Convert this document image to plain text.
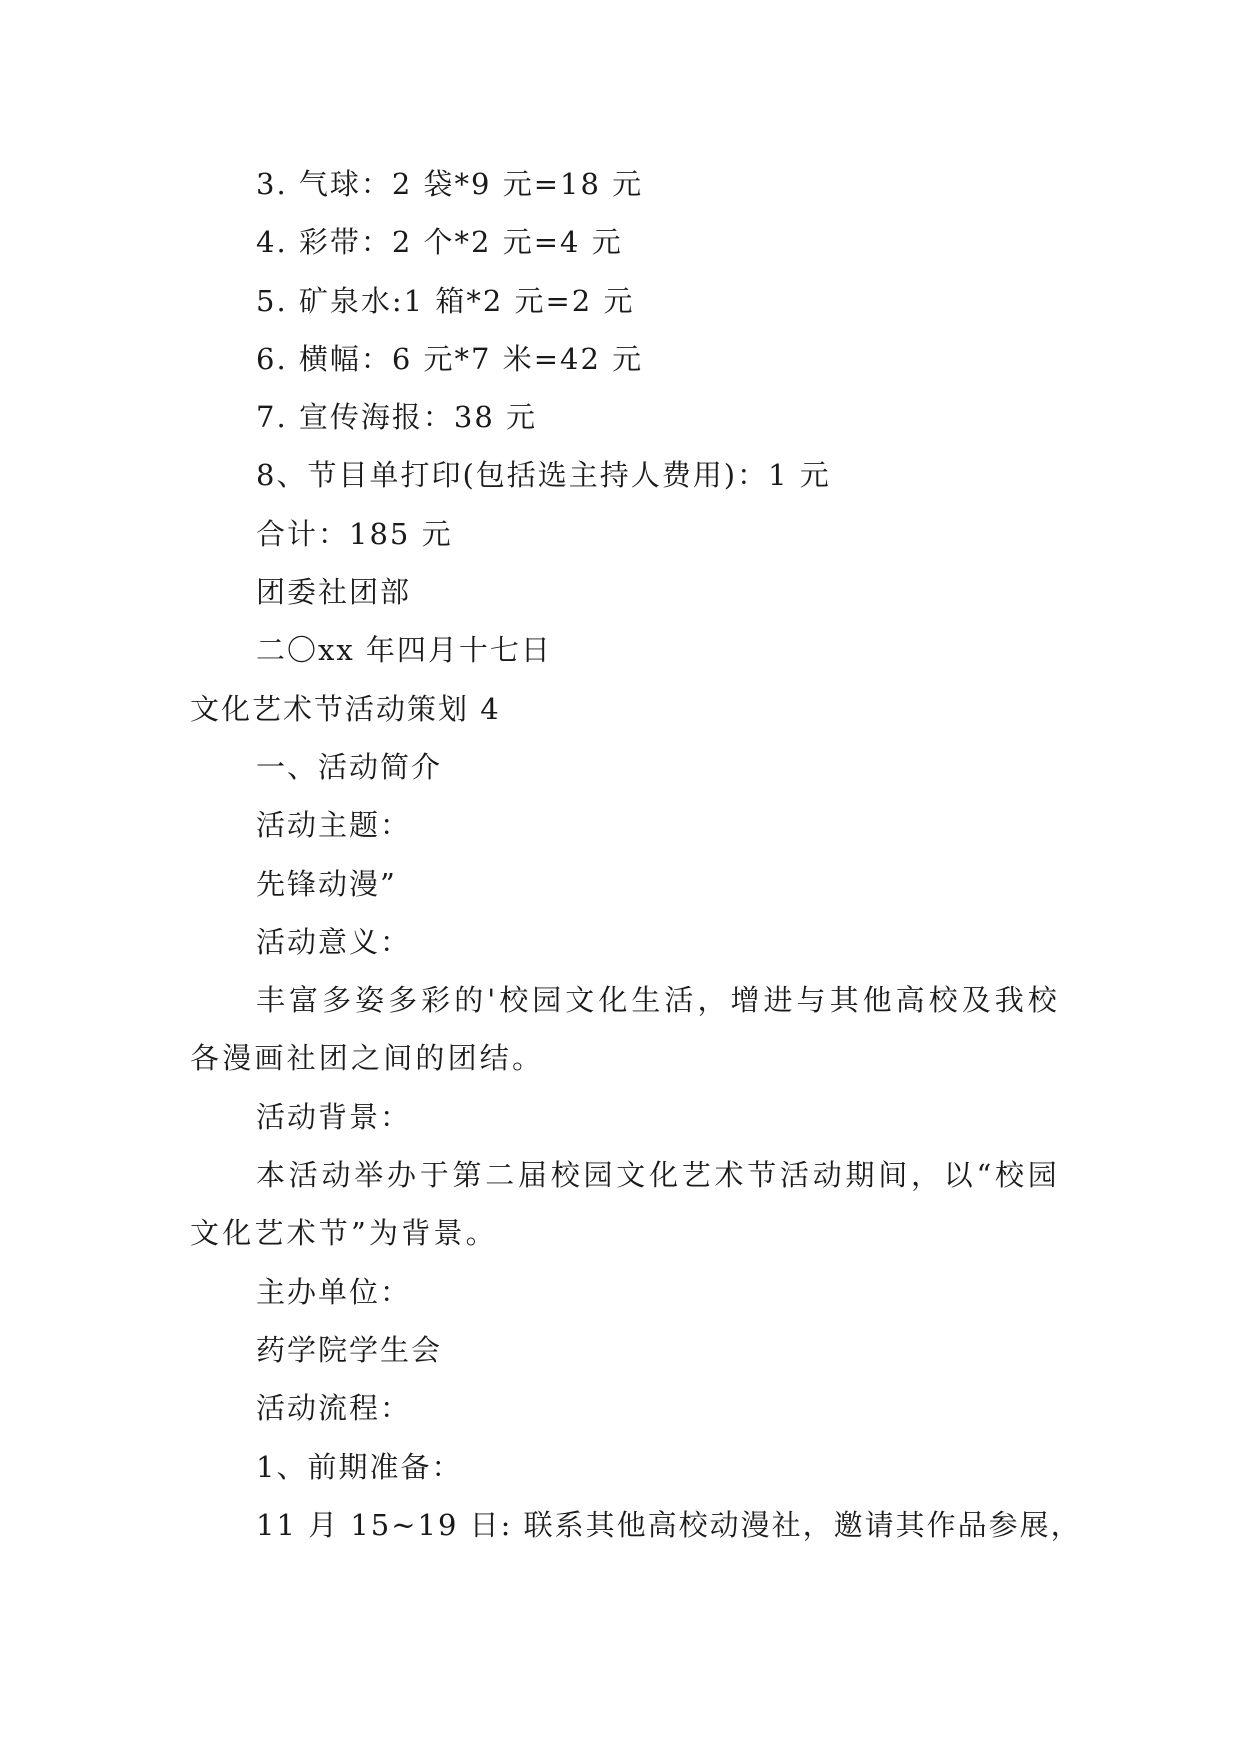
3. 气球：2 袋*9 元=18 元
4. 彩带：2 个*2 元=4 元
5. 矿泉水:1 箱*2 元=2 元
6. 横幅：6 元*7 米=42 元
7. 宣传海报：38 元
8、节目单打印(包括选主持人费用)：1 元
合计：185 元
团委社团部
二〇xx 年四月十七日
文化艺术节活动策划 4
一、活动简介
活动主题：
先锋动漫”
活动意义：

丰富多姿多彩的'校园文化生活，增进与其他高校及我校各漫画社团之间的团结。

活动背景：

本活动举办于第二届校园文化艺术节活动期间，以“校园文化艺术节”为背景。

主办单位：
药学院学生会
活动流程：
1、前期准备：
11 月 15~19 日: 联系其他高校动漫社，邀请其作品参展，
